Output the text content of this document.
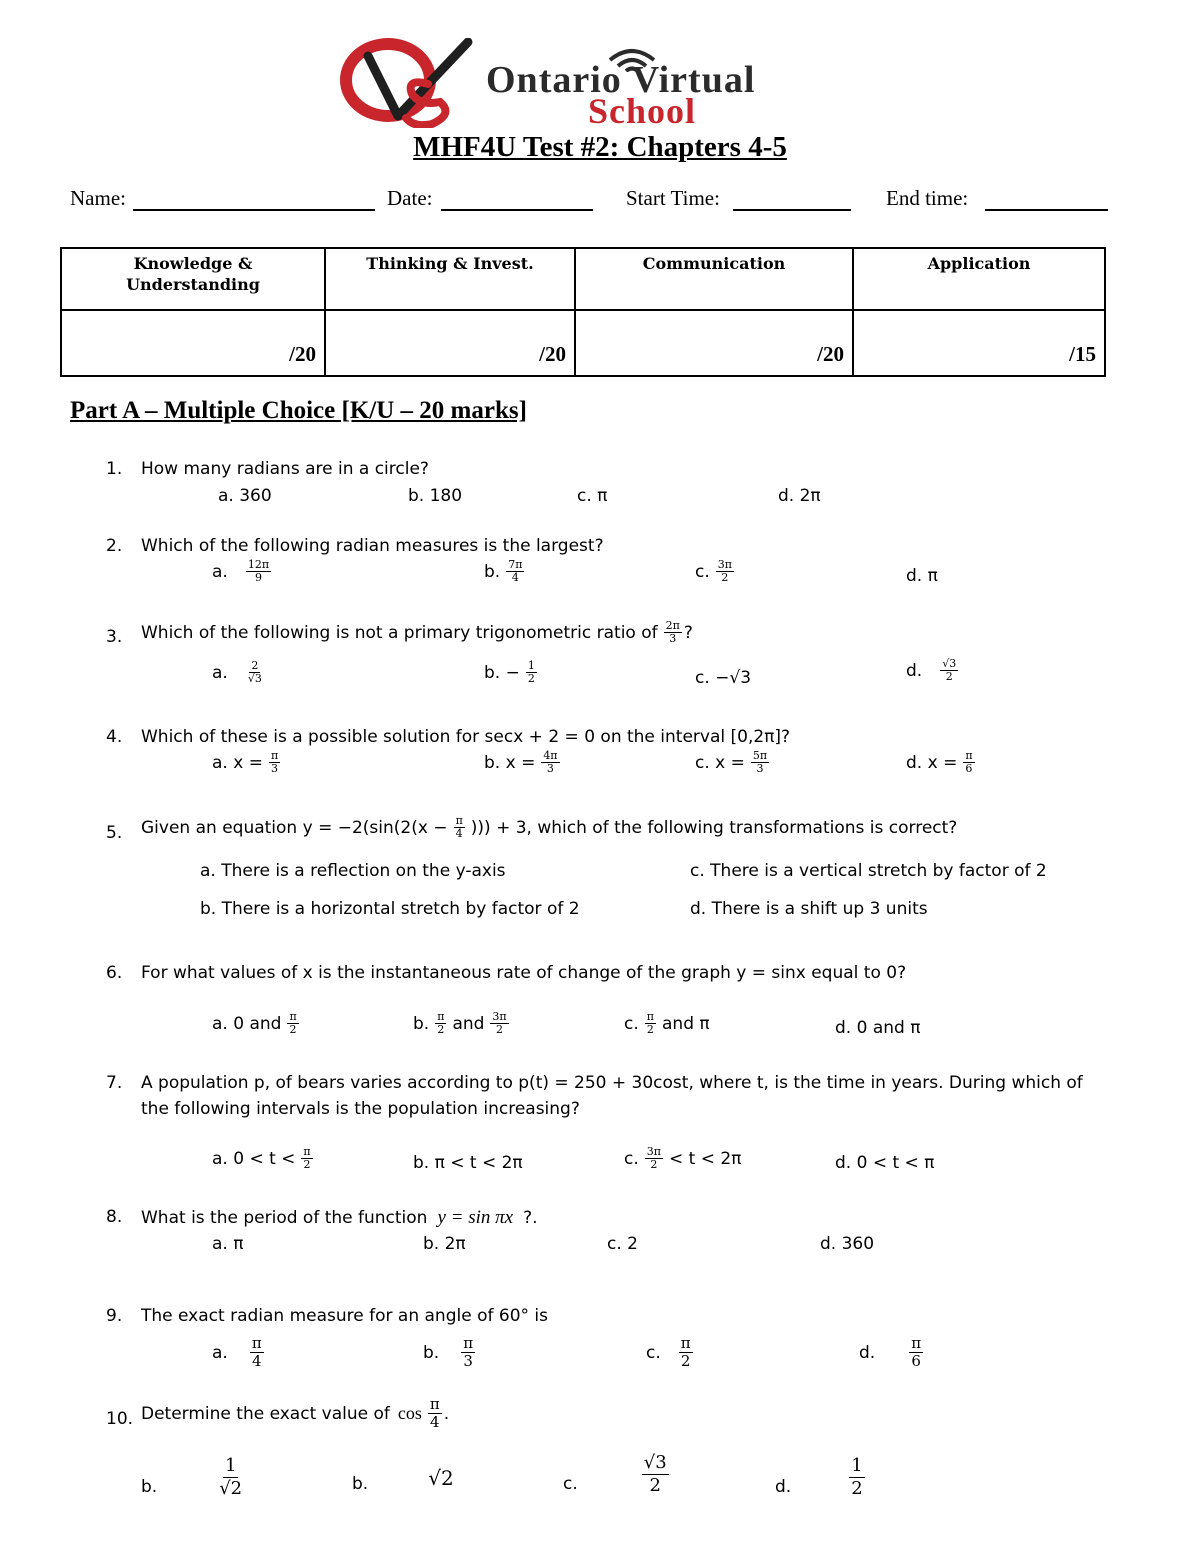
Ontario Virtual
School
MHF4U Test #2: Chapters 4-5
Name:	Date:	Start Time:	End time:
Knowledge &
Understanding	Thinking & Invest.	Communication	Application
/20	/20	/20	/15
Part A – Multiple Choice [K/U – 20 marks]
1. How many radians are in a circle?
a. 360	b. 180	c. π	d. 2π
2. Which of the following radian measures is the largest?
a. $\frac{12\pi}{9}$	b. $\frac{7\pi}{4}$	c. $\frac{3\pi}{2}$	d. π
3. Which of the following is not a primary trigonometric ratio of $\frac{2\pi}{3}$ ?
a. $\frac{2}{√3}$	b. − $\frac{1}{2}$	c. −√3	d. $\frac{√3}{2}$
4. Which of these is a possible solution for secx + 2 = 0 on the interval [0,2π]?
a. $x = \frac{\pi}{3}$	b. $x = \frac{4\pi}{3}$	c. $x = \frac{5\pi}{3}$	d. $x = \frac{\pi}{6}$
5. Given an equation $y = -2(\sin(2(x - \frac{\pi}{4}$ ))) + 3, which of the following transformations is correct?
a. There is a reflection on the y-axis
b. There is a horizontal stretch by factor of 2
c. There is a vertical stretch by factor of 2
d. There is a shift up 3 units
6. For what values of x is the instantaneous rate of change of the graph y = sinx equal to 0?
a. 0 and $\frac{\pi}{2}$	b. $\frac{\pi}{2}$ and $\frac{3\pi}{2}$	c. $\frac{\pi}{2}$ and π	d. 0 and π
7. A population p, of bears varies according to p(t) = 250 + 30cost, where t, is the time in years. During which of
the following intervals is the population increasing?
a. $0 < t < \frac{\pi}{2}$	b. π < t < 2π	c. $\frac{3\pi}{2} < t < 2\pi$	d. 0 < t < π
8. What is the period of the function y = sin πx ?.
a. π	b. 2π	c. 2	d. 360
9. The exact radian measure for an angle of 60° is
a. $\frac{\pi}{4}$	b. $\frac{\pi}{3}$	c. $\frac{\pi}{2}$	d. $\frac{\pi}{6}$
10. Determine the exact value of $\cos \frac{\pi}{4}$ .
b.	$\frac{1}{√2}$	b.	√2	c.	$\frac{√3}{2}$	d.	$\frac{1}{2}$
